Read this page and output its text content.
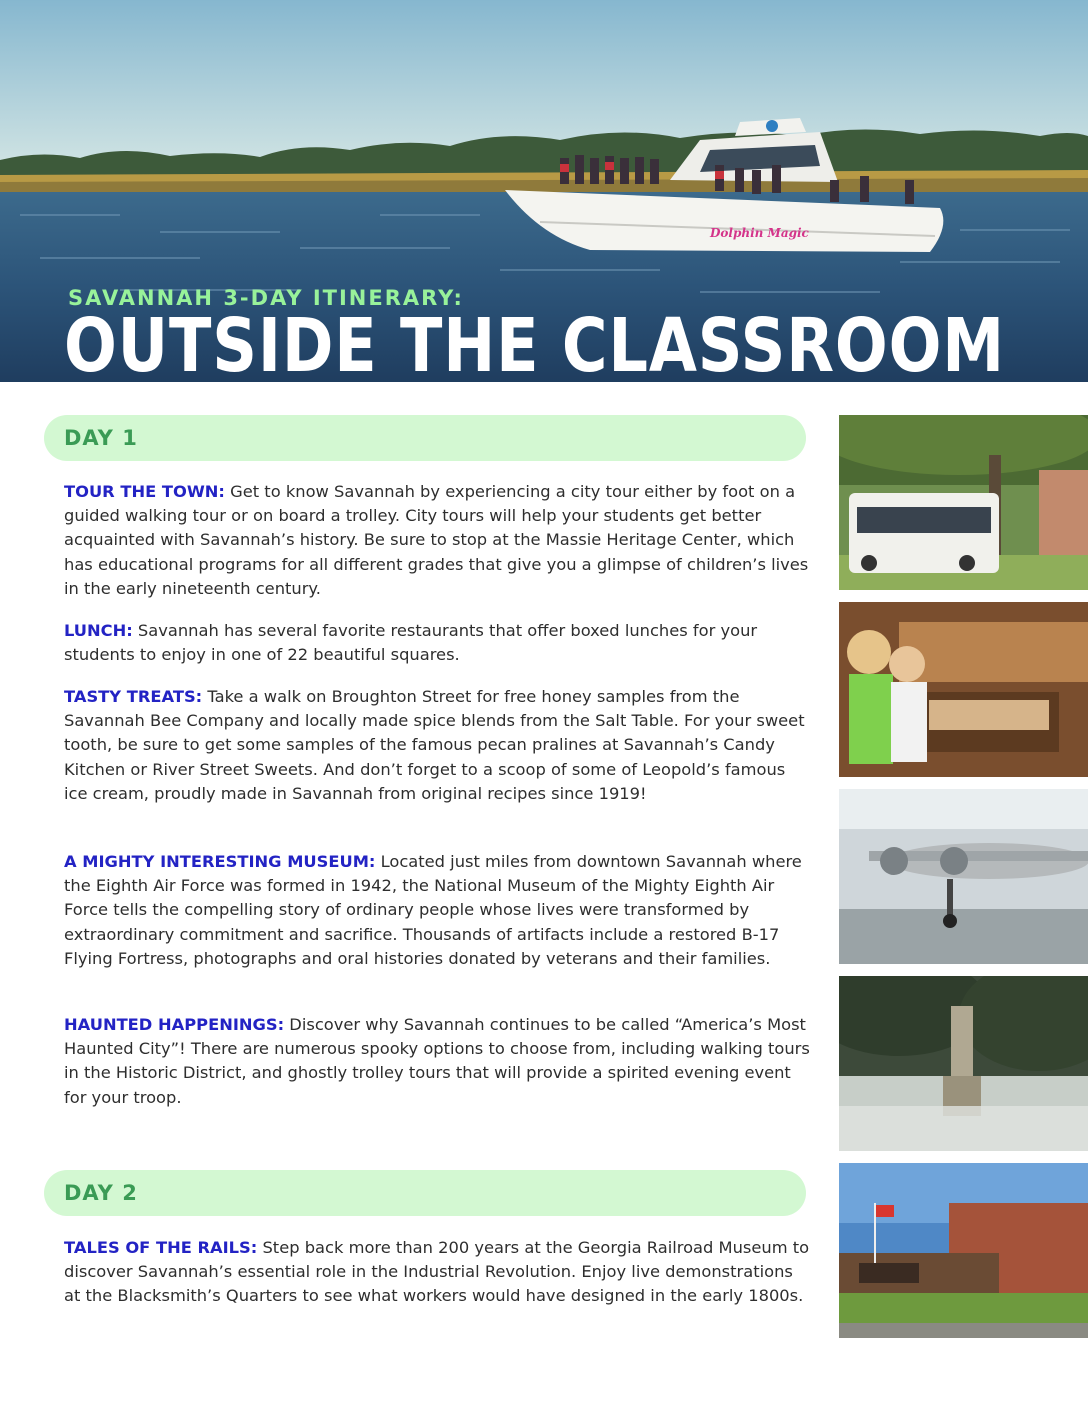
Dolphin Magic
SAVANNAH 3-DAY ITINERARY:
OUTSIDE THE CLASSROOM
DAY 1

TOUR THE TOWN: Get to know Savannah by experiencing a city tour either by foot on a guided walking tour or on board a trolley. City tours will help your students get better acquainted with Savannah’s history. Be sure to stop at the Massie Heritage Center, which has educational programs for all different grades that give you a glimpse of children’s lives in the early nineteenth century.

LUNCH: Savannah has several favorite restaurants that offer boxed lunches for your students to enjoy in one of 22 beautiful squares.

TASTY TREATS: Take a walk on Broughton Street for free honey samples from the Savannah Bee Company and locally made spice blends from the Salt Table. For your sweet tooth, be sure to get some samples of the famous pecan pralines at Savannah’s Candy Kitchen or River Street Sweets. And don’t forget to a scoop of some of Leopold’s famous ice cream, proudly made in Savannah from original recipes since 1919!

A MIGHTY INTERESTING MUSEUM: Located just miles from downtown Savannah where the Eighth Air Force was formed in 1942, the National Museum of the Mighty Eighth Air Force tells the compelling story of ordinary people whose lives were transformed by extraordinary commitment and sacrifice. Thousands of artifacts include a restored B-17 Flying Fortress, photographs and oral histories donated by veterans and their families.

HAUNTED HAPPENINGS: Discover why Savannah continues to be called “America’s Most Haunted City”! There are numerous spooky options to choose from, including walking tours in the Historic District, and ghostly trolley tours that will provide a spirited evening event for your troop.

DAY 2

TALES OF THE RAILS: Step back more than 200 years at the Georgia Railroad Museum to discover Savannah’s essential role in the Industrial Revolution. Enjoy live demonstrations at the Blacksmith’s Quarters to see what workers would have designed in the early 1800s.
